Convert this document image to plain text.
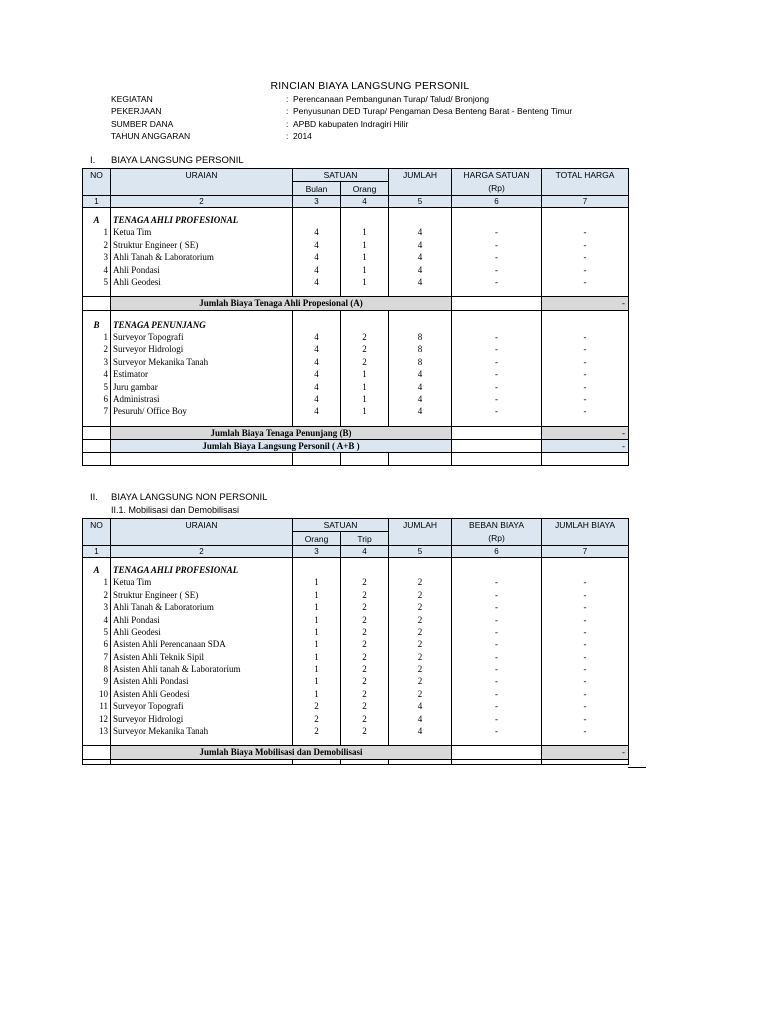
RINCIAN BIAYA LANGSUNG PERSONIL
KEGIATAN	: Perencanaan Pembangunan Turap/ Talud/ Bronjong
PEKERJAAN	: Penyusunan DED Turap/ Pengaman Desa Benteng Barat - Benteng Timur
SUMBER DANA	: APBD kabupaten Indragiri Hilir
TAHUN ANGGARAN	: 2014
I. BIAYA LANGSUNG PERSONIL
NO	URAIAN	SATUAN		JUMLAH	HARGA SATUAN	TOTAL HARGA
		Bulan	Orang		(Rp)	
1	2	3	4	5	6	7

A	TENAGA AHLI PROFESIONAL					
1	Ketua Tim	4	1	4	-	-
2	Struktur Engineer ( SE)	4	1	4	-	-
3	Ahli Tanah & Laboratorium	4	1	4	-	-
4	Ahli Pondasi	4	1	4	-	-
5	Ahli Geodesi	4	1	4	-	-

	Jumlah Biaya Tenaga Ahli Propesional (A)					-

B	TENAGA PENUNJANG					
1	Surveyor Topografi	4	2	8	-	-
2	Surveyor Hidrologi	4	2	8	-	-
3	Surveyor Mekanika Tanah	4	2	8	-	-
4	Estimator	4	1	4	-	-
5	Juru gambar	4	1	4	-	-
6	Administrasi	4	1	4	-	-
7	Pesuruh/ Office Boy	4	1	4	-	-

	Jumlah Biaya Tenaga Penunjang (B)					-
	Jumlah Biaya Langsung Personil ( A+B )					-

II. BIAYA LANGSUNG NON PERSONIL
II.1. Mobilisasi dan Demobilisasi
NO	URAIAN	SATUAN		JUMLAH	BEBAN BIAYA	JUMLAH BIAYA
		Orang	Trip		(Rp)	
1	2	3	4	5	6	7

A	TENAGA AHLI PROFESIONAL					
1	Ketua Tim	1	2	2	-	-
2	Struktur Engineer ( SE)	1	2	2	-	-
3	Ahli Tanah & Laboratorium	1	2	2	-	-
4	Ahli Pondasi	1	2	2	-	-
5	Ahli Geodesi	1	2	2	-	-
6	Asisten Ahli Perencanaan SDA	1	2	2	-	-
7	Asisten Ahli Teknik Sipil	1	2	2	-	-
8	Asisten Ahli tanah & Laboratorium	1	2	2	-	-
9	Asisten Ahli Pondasi	1	2	2	-	-
10	Asisten Ahli Geodesi	1	2	2	-	-
11	Surveyor Topografi	2	2	4	-	-
12	Surveyor Hidrologi	2	2	4	-	-
13	Surveyor Mekanika Tanah	2	2	4	-	-

	Jumlah Biaya Mobilisasi dan Demobilisasi					-
